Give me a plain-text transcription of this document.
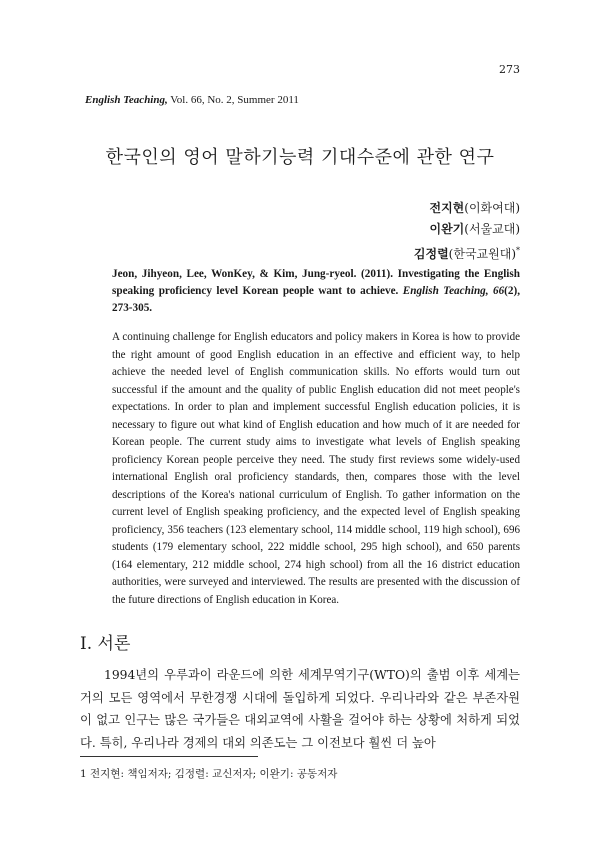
273
English Teaching, Vol. 66, No. 2, Summer 2011
한국인의 영어 말하기능력 기대수준에 관한 연구
전지현(이화여대)
이완기(서울교대)
김정렬(한국교원대)*
Jeon, Jihyeon, Lee, WonKey, & Kim, Jung-ryeol. (2011). Investigating the English speaking proficiency level Korean people want to achieve. English Teaching, 66(2), 273-305.
A continuing challenge for English educators and policy makers in Korea is how to provide the right amount of good English education in an effective and efficient way, to help achieve the needed level of English communication skills. No efforts would turn out successful if the amount and the quality of public English education did not meet people's expectations. In order to plan and implement successful English education policies, it is necessary to figure out what kind of English education and how much of it are needed for Korean people. The current study aims to investigate what levels of English speaking proficiency Korean people perceive they need. The study first reviews some widely-used international English oral proficiency standards, then, compares those with the level descriptions of the Korea's national curriculum of English. To gather information on the current level of English speaking proficiency, and the expected level of English speaking proficiency, 356 teachers (123 elementary school, 114 middle school, 119 high school), 696 students (179 elementary school, 222 middle school, 295 high school), and 650 parents (164 elementary, 212 middle school, 274 high school) from all the 16 district education authorities, were surveyed and interviewed. The results are presented with the discussion of the future directions of English education in Korea.
I. 서론
1994년의 우루과이 라운드에 의한 세계무역기구(WTO)의 출범 이후 세계는 거의 모든 영역에서 무한경쟁 시대에 돌입하게 되었다. 우리나라와 같은 부존자원이 없고 인구는 많은 국가들은 대외교역에 사활을 걸어야 하는 상황에 처하게 되었다. 특히, 우리나라 경제의 대외 의존도는 그 이전보다 훨씬 더 높아
1 전지현: 책임저자; 김정렬: 교신저자; 이완기: 공동저자
